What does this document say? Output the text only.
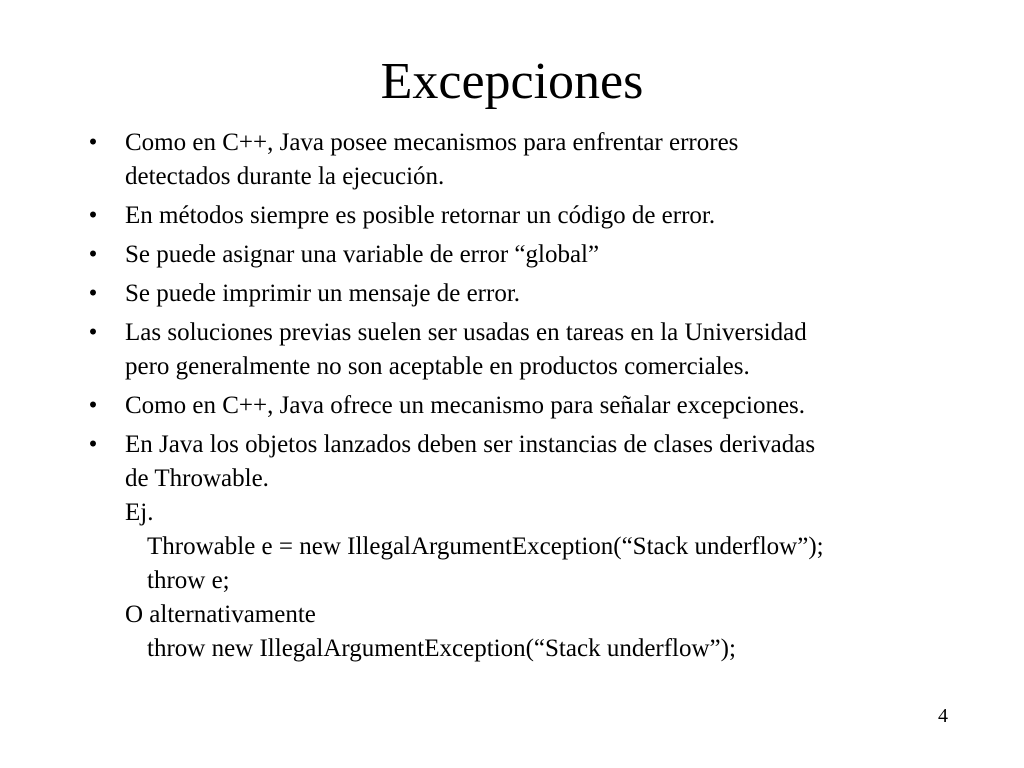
Excepciones
• Como en C++, Java posee mecanismos para enfrentar errores
detectados durante la ejecución.
• En métodos siempre es posible retornar un código de error.
• Se puede asignar una variable de error “global”
• Se puede imprimir un mensaje de error.
• Las soluciones previas suelen ser usadas en tareas en la Universidad
pero generalmente no son aceptable en productos comerciales.
• Como en C++, Java ofrece un mecanismo para señalar excepciones.
• En Java los objetos lanzados deben ser instancias de clases derivadas
de Throwable.
Ej.
Throwable e = new IllegalArgumentException(“Stack underflow”);
throw e;
O alternativamente
throw new IllegalArgumentException(“Stack underflow”);
4
